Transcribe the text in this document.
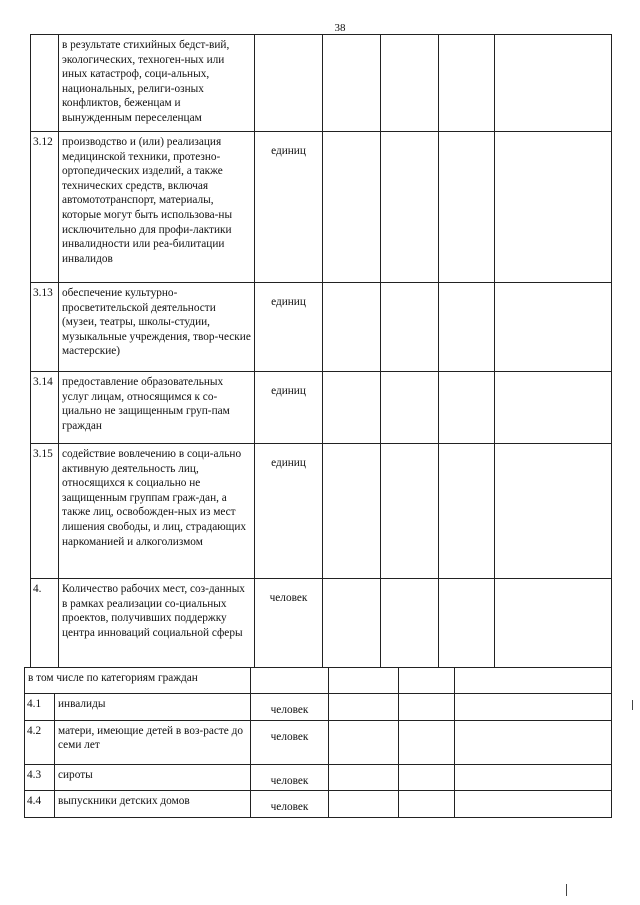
38
	в результате стихийных бедст-вий, экологических, техноген-ных или иных катастроф, соци-альных, национальных, религи-озных конфликтов, беженцам и вынужденным переселенцам					
3.12	производство и (или) реализация медицинской техники, протезно-ортопедических изделий, а также технических средств, включая автомототранспорт, материалы, которые могут быть использова-ны исключительно для профи-лактики инвалидности или реа-билитации инвалидов	единиц				
3.13	обеспечение культурно-просветительской деятельности (музеи, театры, школы-студии, музыкальные учреждения, твор-ческие мастерские)	единиц				
3.14	предоставление образовательных услуг лицам, относящимся к со-циально не защищенным груп-пам граждан	единиц				
3.15	содействие вовлечению в соци-ально активную деятельность лиц, относящихся к социально не защищенным группам граж-дан, а также лиц, освобожден-ных из мест лишения свободы, и лиц, страдающих наркоманией и алкоголизмом	единиц				
4.	Количество рабочих мест, соз-данных в рамках реализации со-циальных проектов, получивших поддержку центра инноваций социальной сферы	человек				
в том числе по категориям граждан					
4.1	инвалиды	человек			
4.2	матери, имеющие детей в воз-расте до семи лет	человек			
4.3	сироты	человек			
4.4	выпускники детских домов	человек			
